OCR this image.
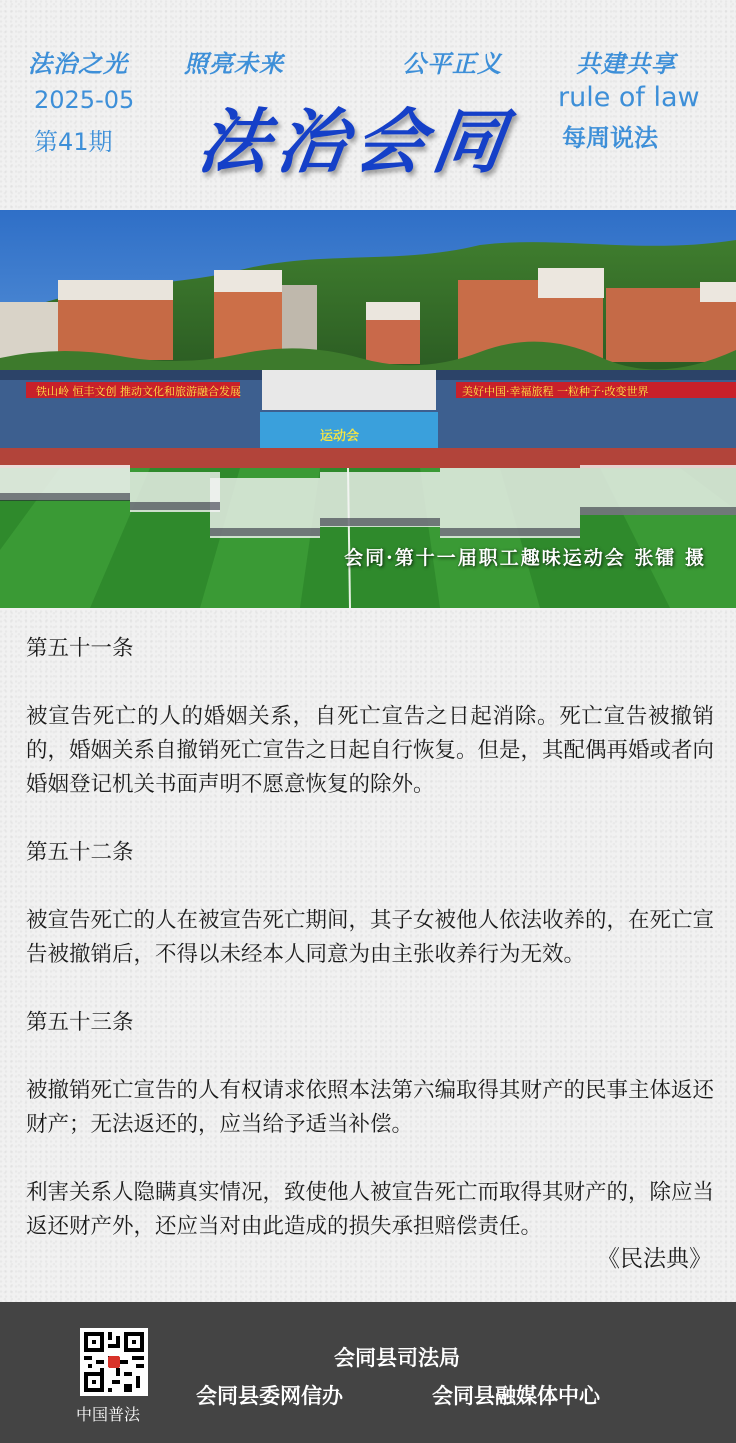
法治之光 照亮未来	公平正义	共建共享
2025-05
第41期 法治会同
rule of law
每周说法
铁山岭 恒丰文创 推动文化和旅游融合发展	美好中国·幸福旅程 一粒种子·改变世界
运动会
会同·第十一届职工趣味运动会 张镭 摄

第五十一条

被宣告死亡的人的婚姻关系，自死亡宣告之日起消除。死亡宣告被撤销的，婚姻关系自撤销死亡宣告之日起自行恢复。但是，其配偶再婚或者向婚姻登记机关书面声明不愿意恢复的除外。

第五十二条

被宣告死亡的人在被宣告死亡期间，其子女被他人依法收养的，在死亡宣告被撤销后，不得以未经本人同意为由主张收养行为无效。

第五十三条

被撤销死亡宣告的人有权请求依照本法第六编取得其财产的民事主体返还财产；无法返还的，应当给予适当补偿。

利害关系人隐瞒真实情况，致使他人被宣告死亡而取得其财产的，除应当返还财产外，还应当对由此造成的损失承担赔偿责任。

《民法典》
中国普法
会同县司法局
会同县委网信办	会同县融媒体中心
